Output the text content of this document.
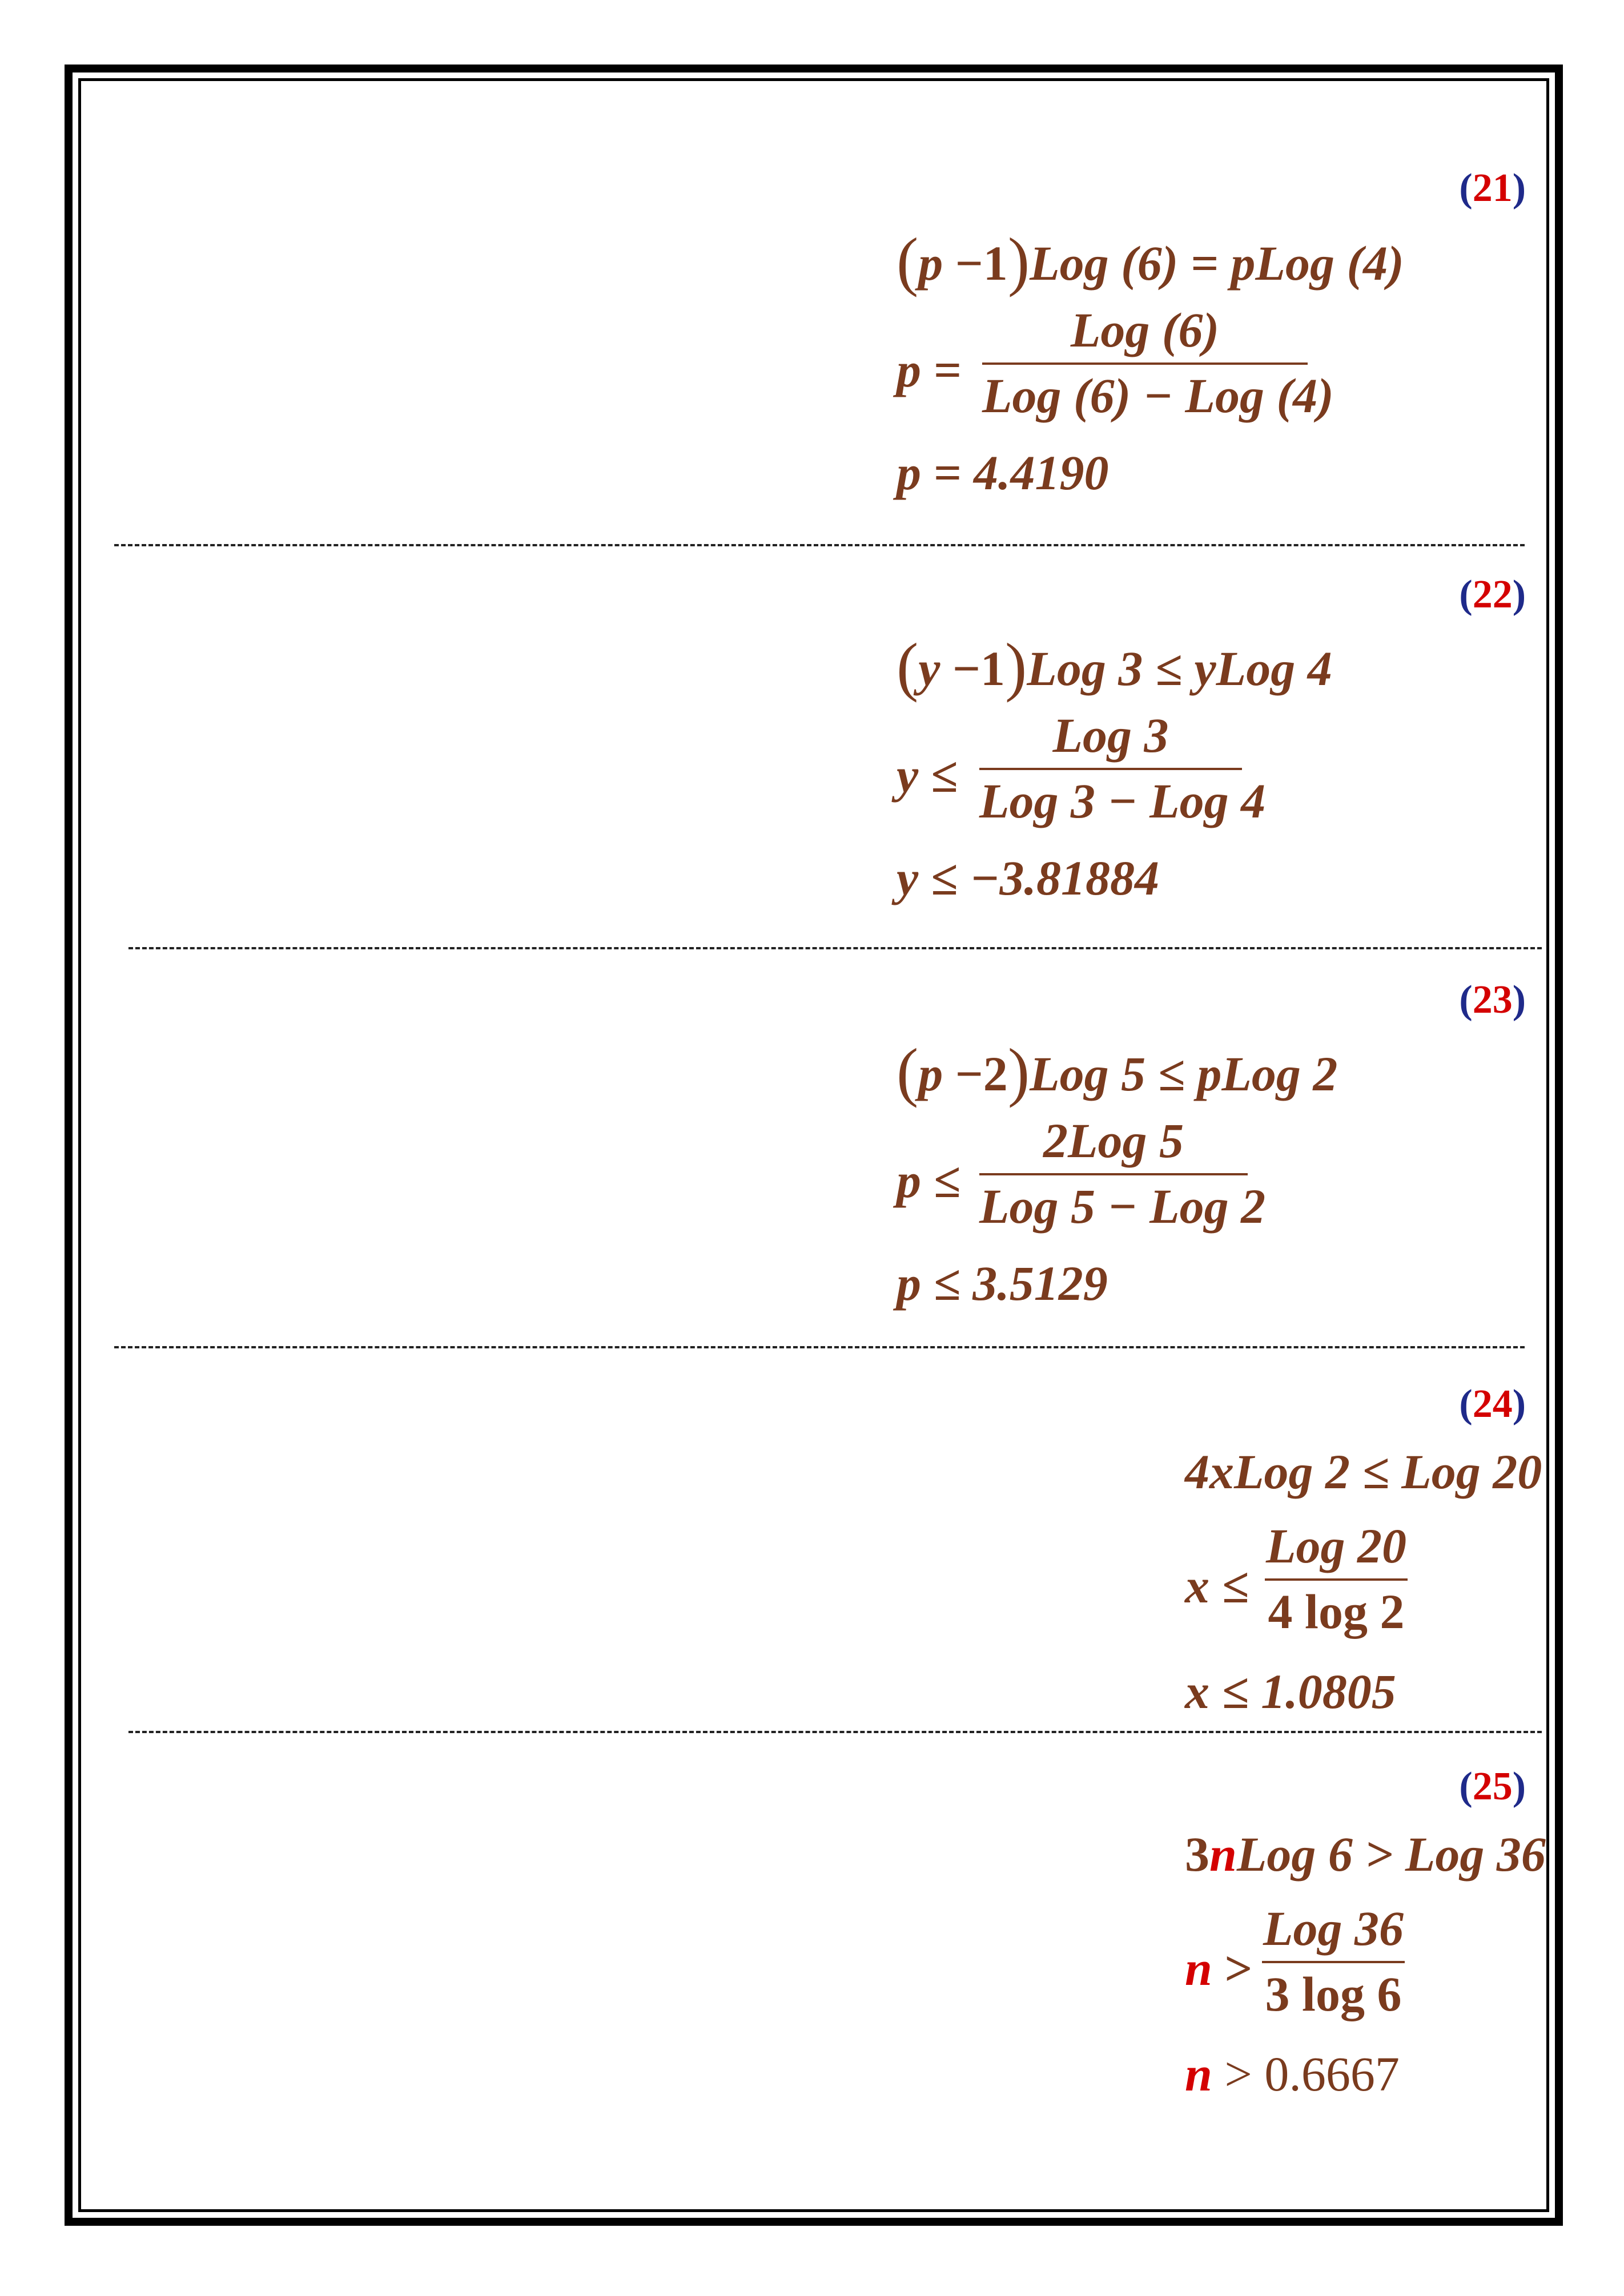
(21)
(p −1)Log (6) = pLog (4)
p =
Log (6)
Log (6) − Log (4)
p = 4.4190
(22)
(y −1)Log 3 ≤ yLog 4
y ≤
Log 3
Log 3 − Log 4
y ≤ −3.81884
(23)
(p −2)Log 5 ≤ pLog 2
p ≤
2Log 5
Log 5 − Log 2
p ≤ 3.5129
(24)
4xLog 2 ≤ Log 20
x ≤
Log 20
4 log 2
x ≤ 1.0805
(25)
3nLog 6 > Log 36
n >
Log 36
3 log 6
n > 0.6667
